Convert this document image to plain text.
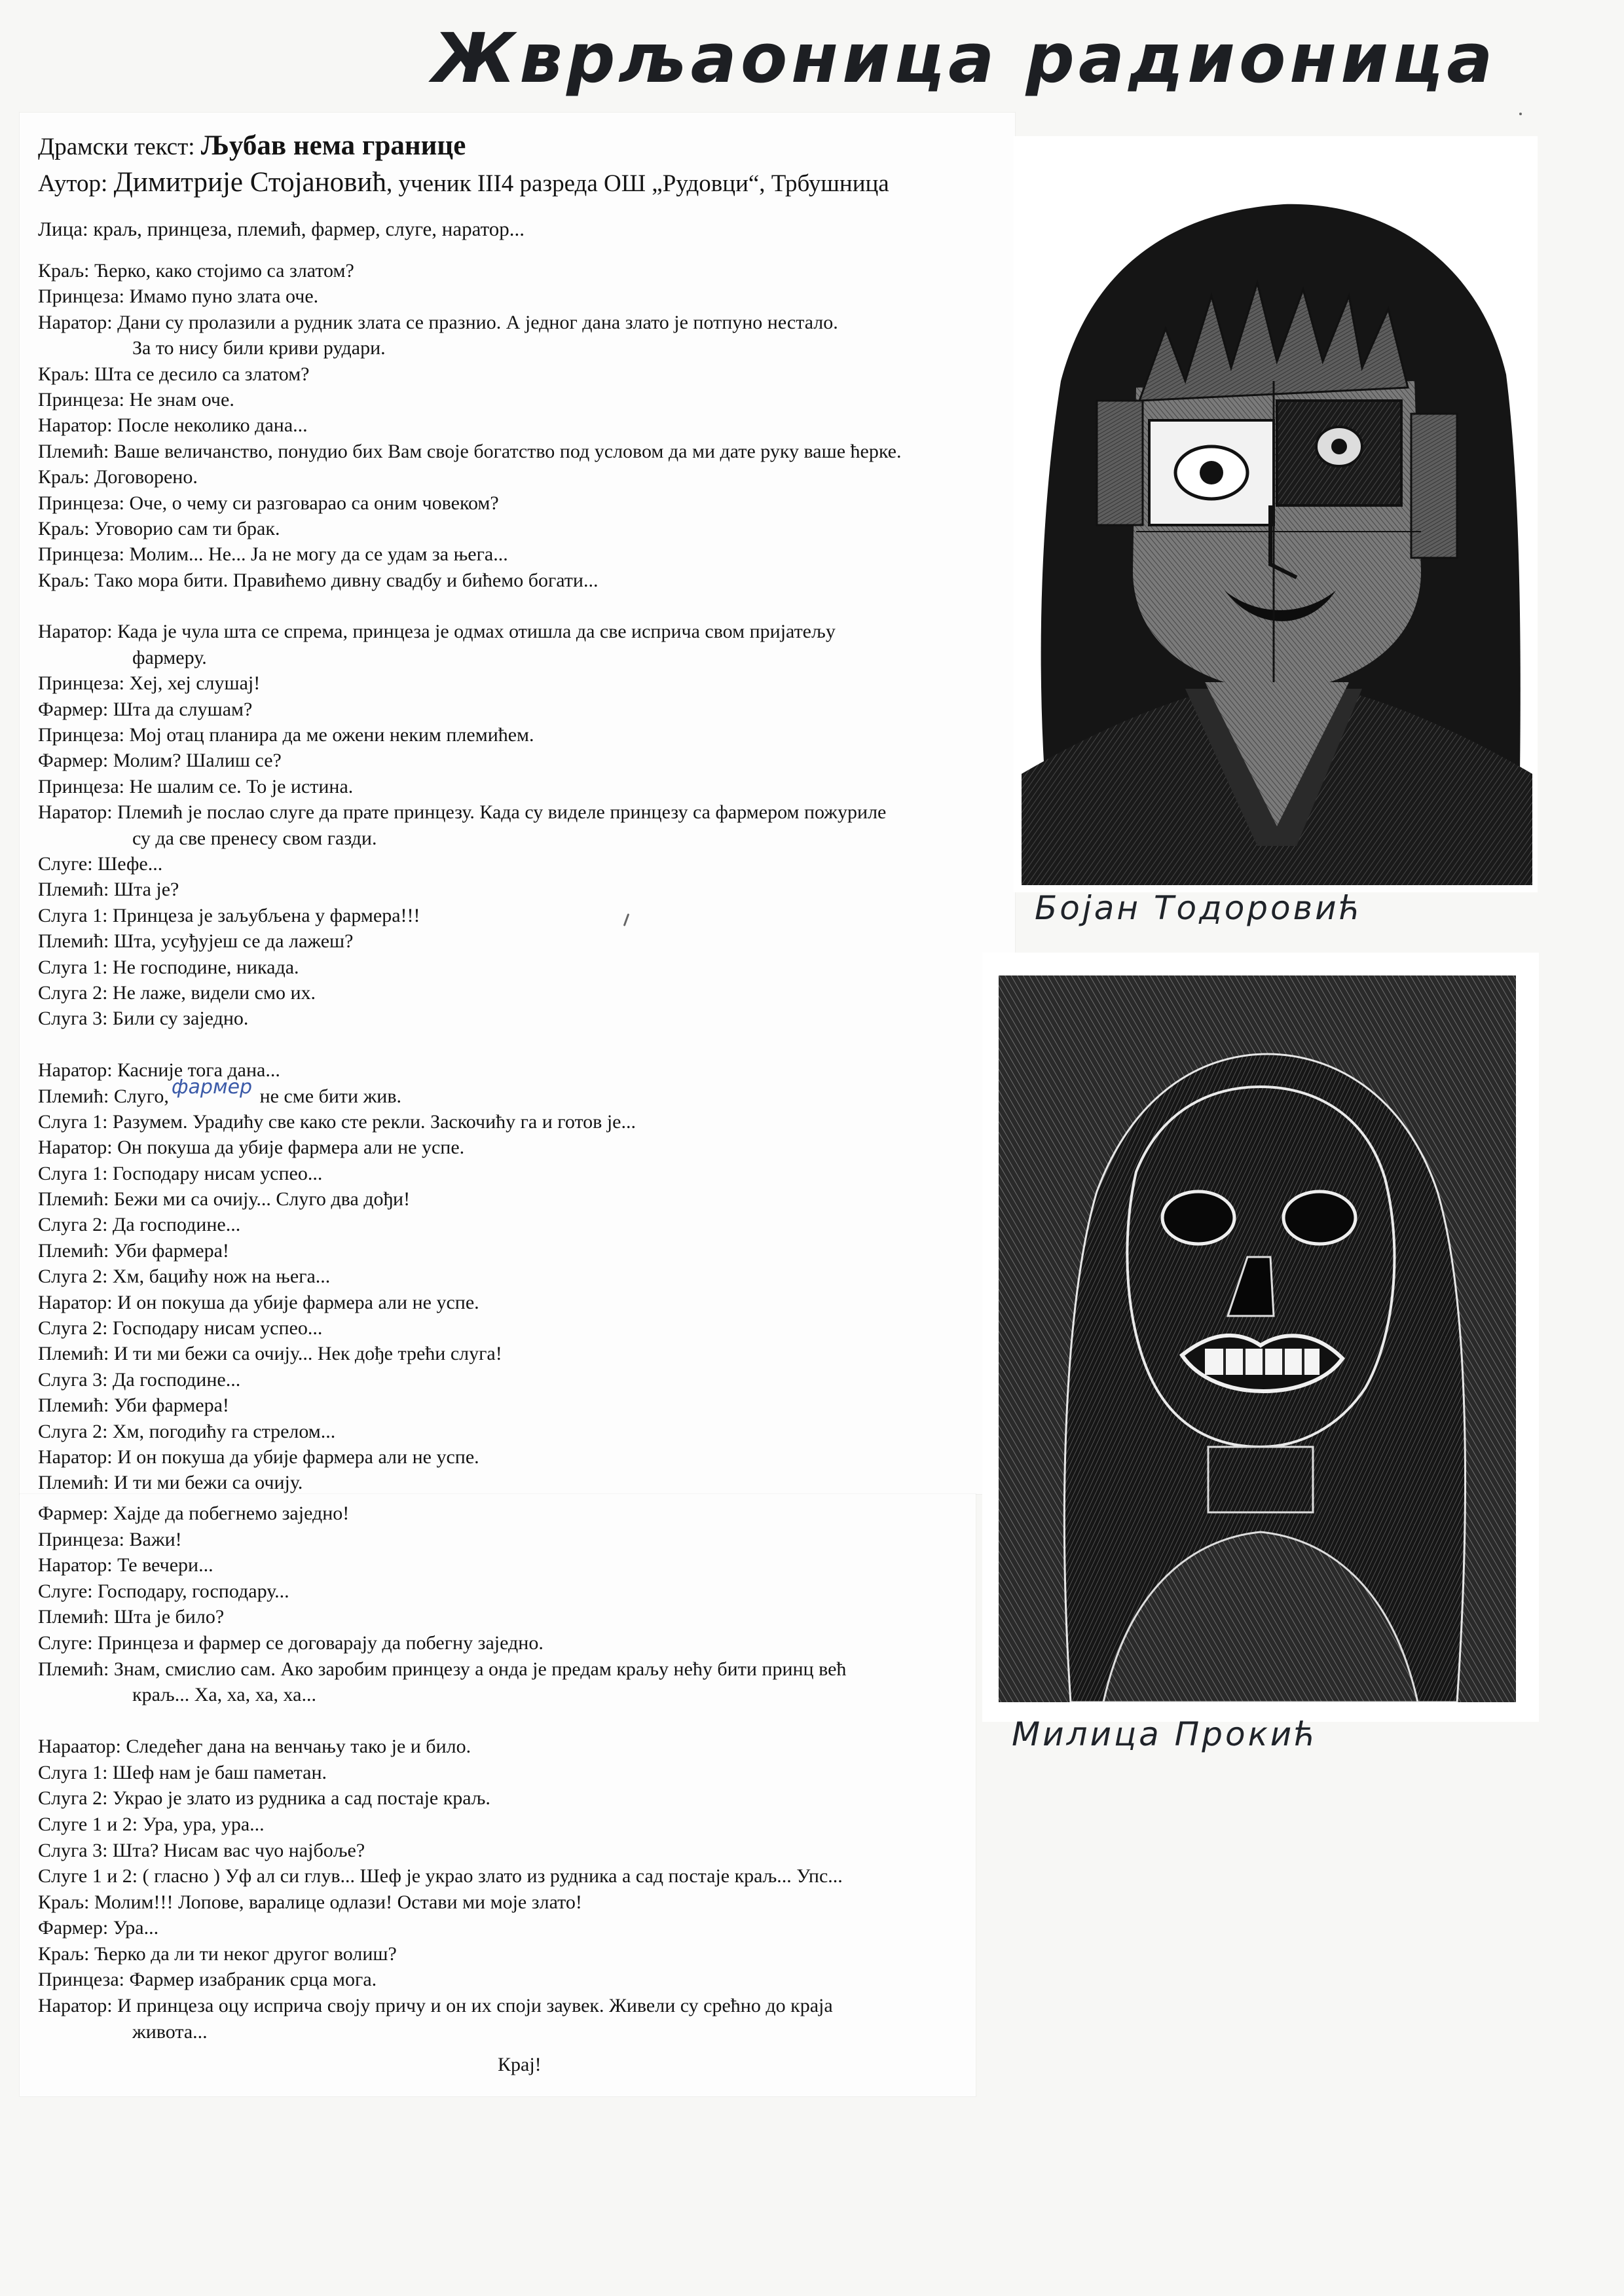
Жврљаоница радионица
Драмски текст: Љубав нема границе
Аутор: Димитрије Стојановић, ученик III4 разреда ОШ „Рудовци“, Трбушница
Лица: краљ, принцеза, племић, фармер, слуге, наратор...
Краљ: Ћерко, како стојимо са златом?
Принцеза: Имамо пуно злата оче.
Наратор: Дани су пролазили а рудник злата се празнио. А једног дана злато је потпуно нестало.
За то нису били криви рудари.
Краљ: Шта се десило са златом?
Принцеза: Не знам оче.
Наратор: После неколико дана...
Племић: Ваше величанство, понудио бих Вам своје богатство под условом да ми дате руку ваше ћерке.
Краљ: Договорено.
Принцеза: Оче, о чему си разговарао са оним човеком?
Краљ: Уговорио сам ти брак.
Принцеза: Молим... Не... Ја не могу да се удам за њега...
Краљ: Тако мора бити. Правићемо дивну свадбу и бићемо богати...
Наратор: Када је чула шта се спрема, принцеза је одмах отишла да све исприча свом пријатељу
фармеру.
Принцеза: Хеј, хеј слушај!
Фармер: Шта да слушам?
Принцеза: Мој отац планира да ме ожени неким племићем.
Фармер: Молим? Шалиш се?
Принцеза: Не шалим се. То је истина.
Наратор: Племић је послао слуге да прате принцезу. Када су виделе принцезу са фармером пожуриле
су да све пренесу свом газди.
Слуге: Шефе...
Племић: Шта је?
Слуга 1: Принцеза је заљубљена у фармера!!!
Племић: Шта, усуђујеш се да лажеш?
Слуга 1: Не господине, никада.
Слуга 2: Не лаже, видели смо их.
Слуга 3: Били су заједно.
Наратор: Касније тога дана...
Племић: Слуго, фармер не сме бити жив.
Слуга 1: Разумем. Урадићу све како сте рекли. Заскочићу га и готов је...
Наратор: Он покуша да убије фармера али не успе.
Слуга 1: Господару нисам успео...
Племић: Бежи ми са очију... Слуго два дођи!
Слуга 2: Да господине...
Племић: Уби фармера!
Слуга 2: Хм, бацићу нож на њега...
Наратор: И он покуша да убије фармера али не успе.
Слуга 2: Господару нисам успео...
Племић: И ти ми бежи са очију... Нек дође трећи слуга!
Слуга 3: Да господине...
Племић: Уби фармера!
Слуга 2: Хм, погодићу га стрелом...
Наратор: И он покуша да убије фармера али не успе.
Племић: И ти ми бежи са очију.
Фармер: Хајде да побегнемо заједно!
Принцеза: Важи!
Наратор: Те вечери...
Слуге: Господару, господару...
Племић: Шта је било?
Слуге: Принцеза и фармер се договарају да побегну заједно.
Племић: Знам, смислио сам. Ако заробим принцезу а онда је предам краљу нећу бити принц већ
краљ... Ха, ха, ха, ха...
Нараатор: Следећег дана на венчању тако је и било.
Слуга 1: Шеф нам је баш паметан.
Слуга 2: Украо је злато из рудника а сад постаје краљ.
Слуге 1 и 2: Ура, ура, ура...
Слуга 3: Шта? Нисам вас чуо најбоље?
Слуге 1 и 2: ( гласно ) Уф ал си глув... Шеф је украо злато из рудника а сад постаје краљ... Упс...
Краљ: Молим!!! Лопове, варалице одлази! Остави ми моје злато!
Фармер: Ура...
Краљ: Ћерко да ли ти неког другог волиш?
Принцеза: Фармер изабраник срца мога.
Наратор: И принцеза оцу исприча своју причу и он их споји заувек. Живели су срећно до краја
живота...
Крај!
Бојан Тодоровић
Милица Прокић
